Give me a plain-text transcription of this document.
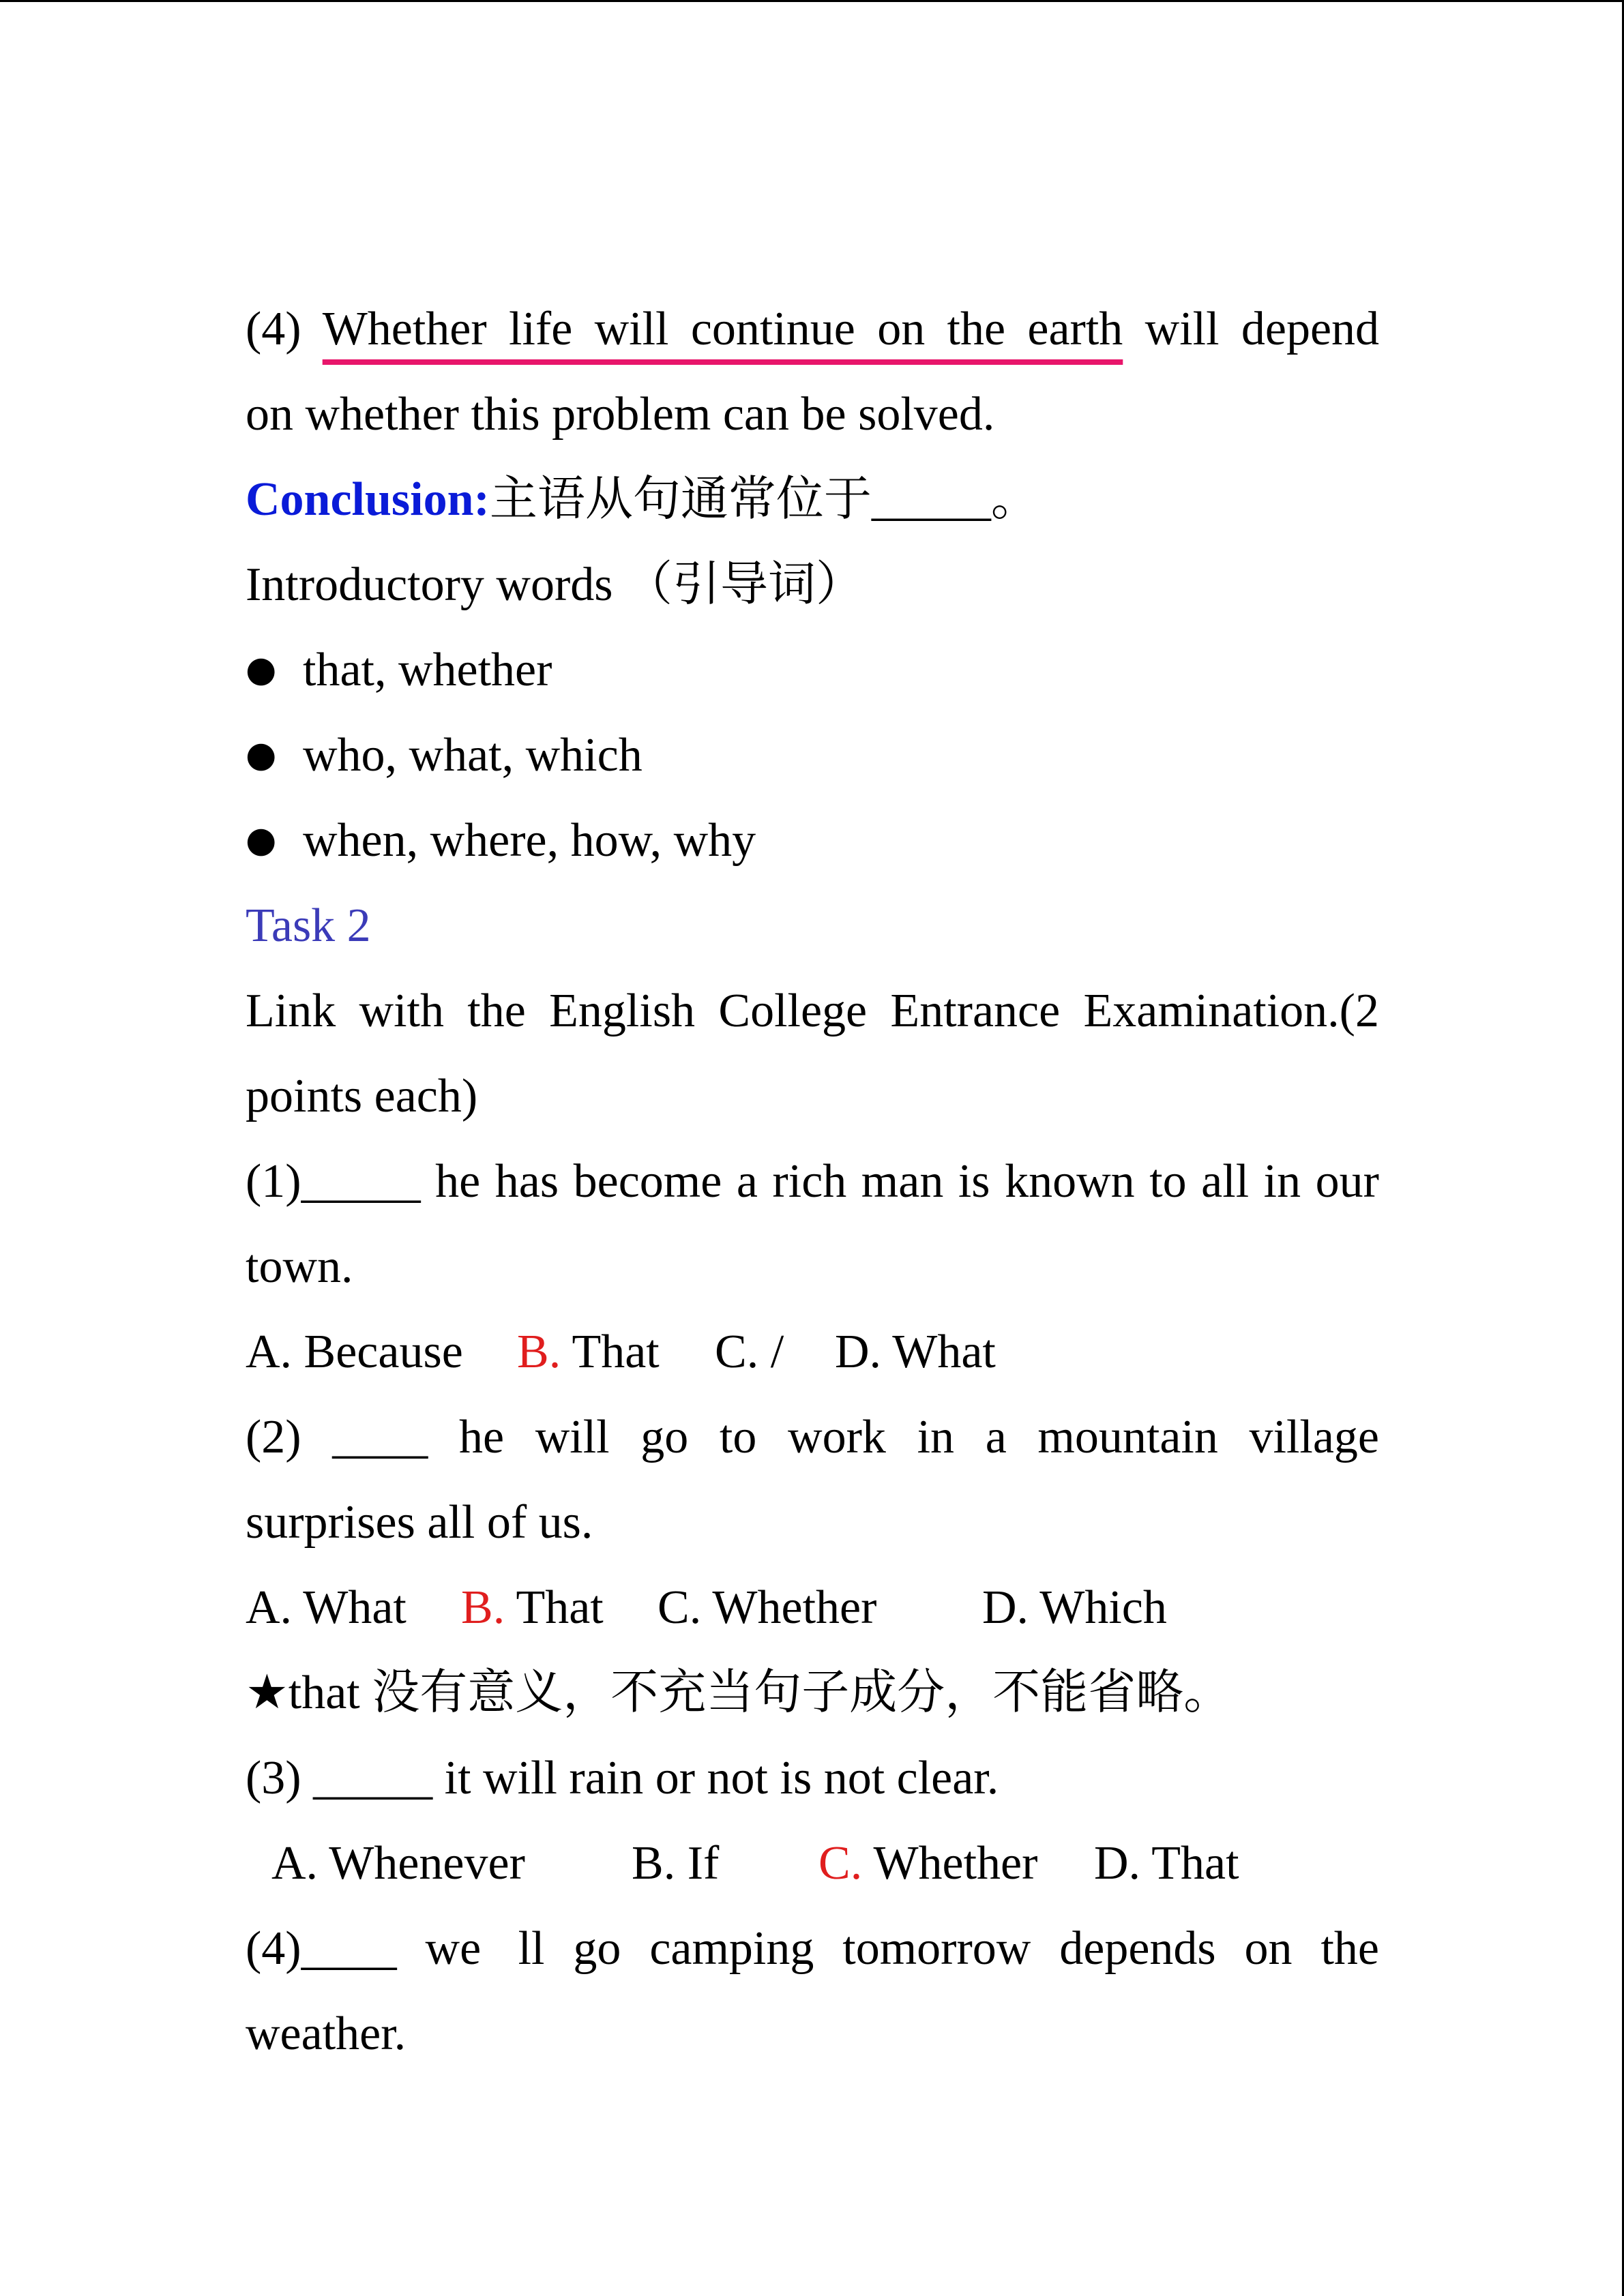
(4) Whether life will continue on the earth will depend

on whether this problem can be solved.

Conclusion:主语从句通常位于_____。

Introductory words （引导词）

● that, whether

● who, what, which

● when, where, how, why

Task 2

Link with the English College Entrance Examination.(2

points each)

(1)_____ he has become a rich man is known to all in our

town.

A. Because B. That C. / D. What

(2) ____ he will go to work in a mountain village

surprises all of us.

A. What B. That C. Whether D. Which

★that 没有意义，不充当句子成分，不能省略。

(3) _____ it will rain or not is not clear.

A. Whenever B. If C. Whether D. That

(4)____ we ll go camping tomorrow depends on the

weather.
